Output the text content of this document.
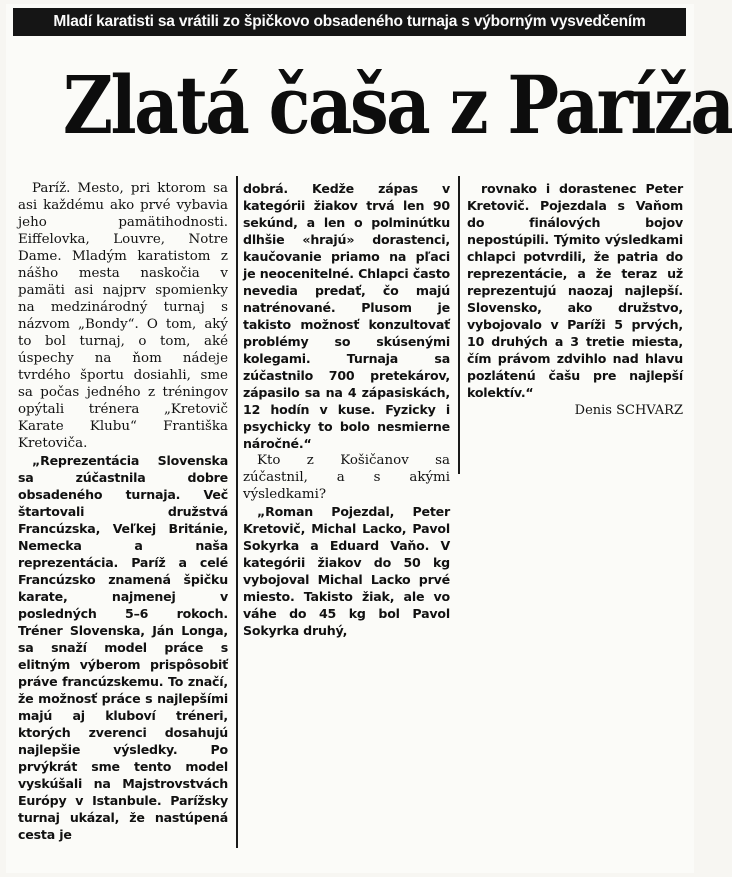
Mladí karatisti sa vrátili zo špičkovo obsadeného turnaja s výborným vysvedčením
Zlatá čaša z Paríža

Paríž. Mesto, pri ktorom sa asi každému ako prvé vybavia jeho pamätihodnosti. Eiffelovka, Louvre, Notre Dame. Mladým karatistom z nášho mesta naskočia v pamäti asi najprv spomienky na medzinárodný turnaj s názvom „Bondy“. O tom, aký to bol turnaj, o tom, aké úspechy na ňom nádeje tvrdého športu dosiahli, sme sa počas jedného z tréningov opýtali trénera „Kretovič Karate Klubu“ Františka Kretoviča.

„Reprezentácia Slovenska sa zúčastnila dobre obsadeného turnaja. Več štartovali družstvá Francúzska, Veľkej Británie, Nemecka a naša reprezentácia. Paríž a celé Francúzsko znamená špičku karate, najmenej v posledných 5–6 rokoch. Tréner Slovenska, Ján Longa, sa snaží model práce s elitným výberom prispôsobiť práve francúzskemu. To značí, že možnosť práce s najlepšími majú aj kluboví tréneri, ktorých zverenci dosahujú najlepšie výsledky. Po prvýkrát sme tento model vyskúšali na Majstrovstvách Európy v Istanbule. Parížsky turnaj ukázal, že nastúpená cesta je

dobrá. Kedže zápas v kategórii žiakov trvá len 90 sekúnd, a len o polminútku dlhšie «hrajú» dorastenci, kaučovanie priamo na pľaci je neocenitelné. Chlapci často nevedia predať, čo majú natrénované. Plusom je takisto možnosť konzultovať problémy so skúsenými kolegami. Turnaja sa zúčastnilo 700 pretekárov, zápasilo sa na 4 zápasiskách, 12 hodín v kuse. Fyzicky i psychicky to bolo nesmierne náročné.“

Kto z Košičanov sa zúčastnil, a s akými výsledkami?

„Roman Pojezdal, Peter Kretovič, Michal Lacko, Pavol Sokyrka a Eduard Vaňo. V kategórii žiakov do 50 kg vybojoval Michal Lacko prvé miesto. Takisto žiak, ale vo váhe do 45 kg bol Pavol Sokyrka druhý,

rovnako i dorastenec Peter Kretovič. Pojezdala s Vaňom do finálových bojov nepostúpili. Týmito výsledkami chlapci potvrdili, že patria do reprezentácie, a že teraz už reprezentujú naozaj najlepší. Slovensko, ako družstvo, vybojovalo v Paríži 5 prvých, 10 druhých a 3 tretie miesta, čím právom zdvihlo nad hlavu pozlátenú čašu pre najlepší kolektív.“

Denis SCHVARZ
